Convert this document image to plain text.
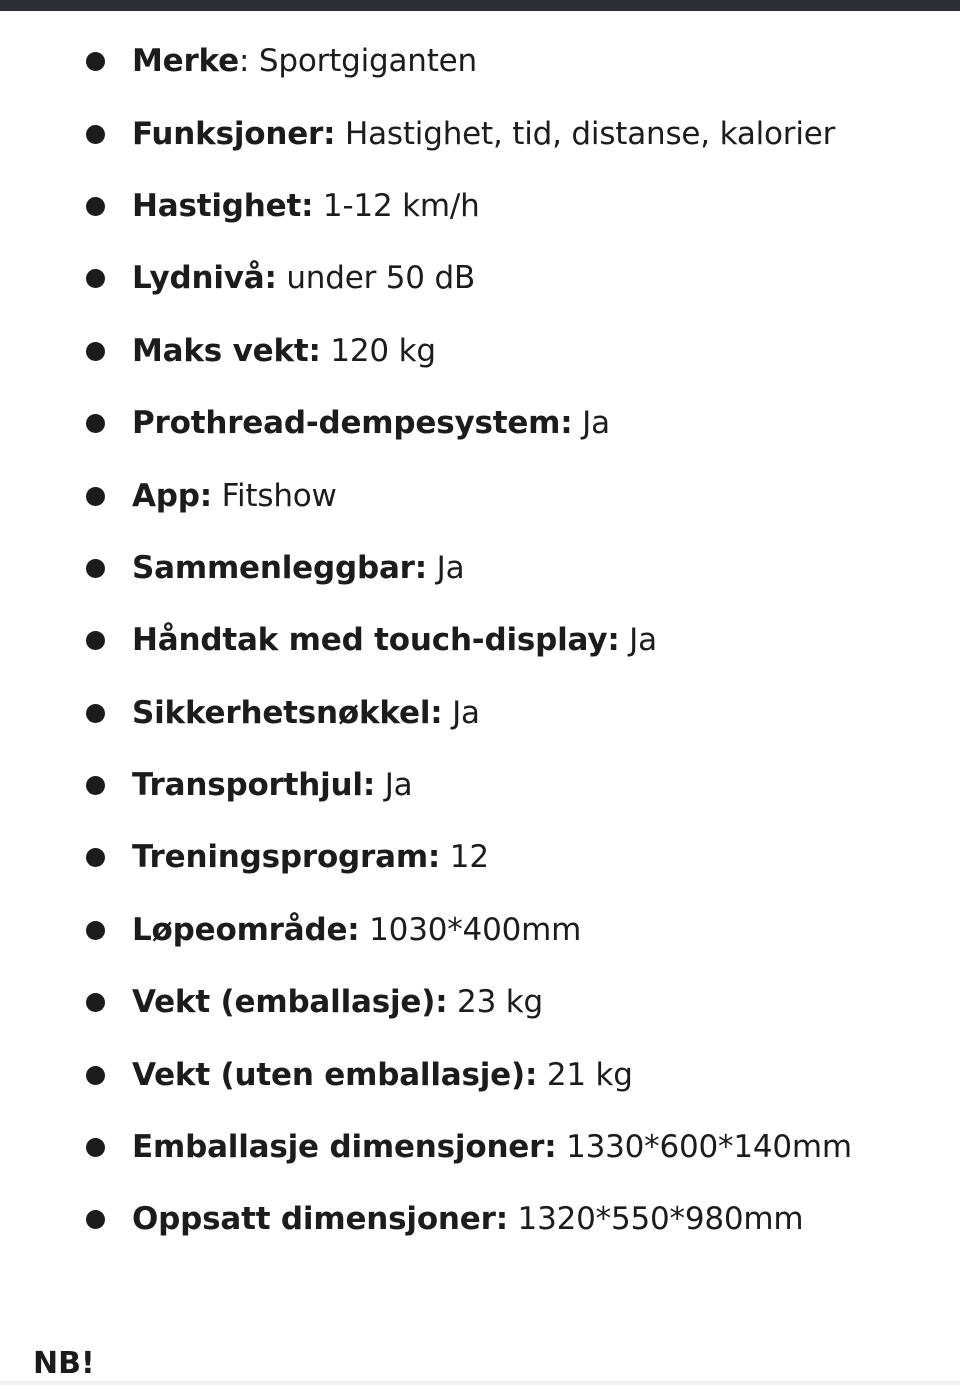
Merke : Sportgiganten
Funksjoner: Hastighet, tid, distanse, kalorier
Hastighet: 1-12 km/h
Lydnivå: under 50 dB
Maks vekt: 120 kg
Prothread-dempesystem: Ja
App: Fitshow
Sammenleggbar: Ja
Håndtak med touch-display: Ja
Sikkerhetsnøkkel: Ja
Transporthjul: Ja
Treningsprogram: 12
Løpeområde: 1030*400mm
Vekt (emballasje): 23 kg
Vekt (uten emballasje): 21 kg
Emballasje dimensjoner: 1330*600*140mm
Oppsatt dimensjoner: 1320*550*980mm
NB!
